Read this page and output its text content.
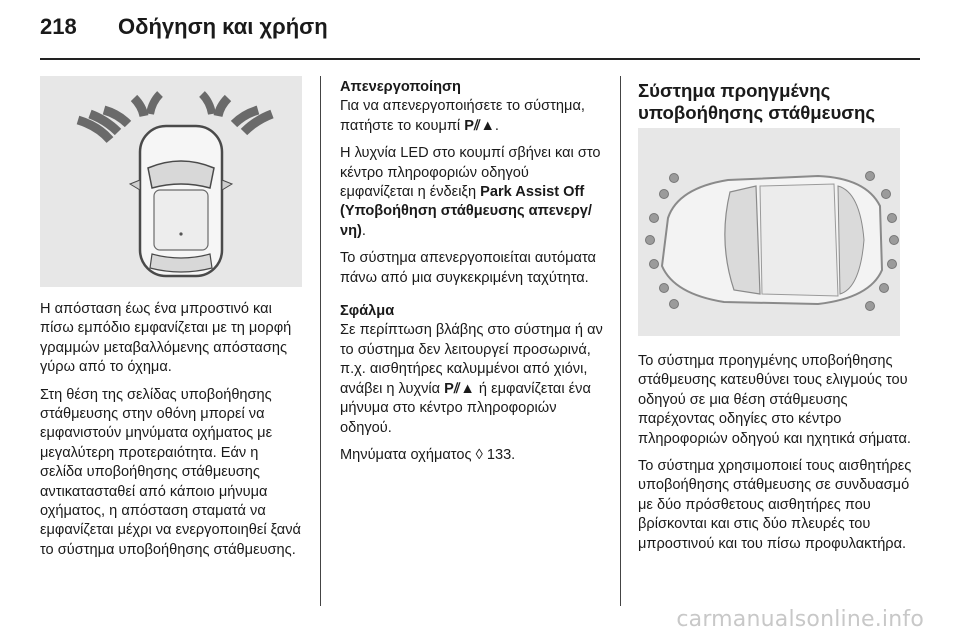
218 Οδήγηση και χρήση

Η απόσταση έως ένα μπροστινό και πίσω εμπόδιο εμφανίζεται με τη μορφή γραμμών μεταβαλλόμενης απόστασης γύρω από το όχημα.

Στη θέση της σελίδας υποβοήθησης στάθμευσης στην οθόνη μπορεί να εμφανιστούν μηνύματα οχήματος με μεγαλύτερη προτεραιότητα. Εάν η σελίδα υποβοήθησης στάθμευσης αντικατασταθεί από κάποιο μήνυμα οχήματος, η απόσταση σταματά να εμφανίζεται μέχρι να ενεργοποιηθεί ξανά το σύστημα υποβοήθησης στάθμευσης.

Απενεργοποίηση

Για να απενεργοποιήσετε το σύστημα, πατήστε το κουμπί P⫽▲.

Η λυχνία LED στο κουμπί σβήνει και στο κέντρο πληροφοριών οδηγού εμφανίζεται η ένδειξη Park Assist Off (Υποβοήθηση στάθμευσης απενεργ/νη).

Το σύστημα απενεργοποιείται αυτόματα πάνω από μια συγκεκριμένη ταχύτητα.

Σφάλμα

Σε περίπτωση βλάβης στο σύστημα ή αν το σύστημα δεν λειτουργεί προσωρινά, π.χ. αισθητήρες καλυμμένοι από χιόνι, ανάβει η λυχνία P⫽▲ ή εμφανίζεται ένα μήνυμα στο κέντρο πληροφοριών οδηγού.

Μηνύματα οχήματος ◊ 133.

Σύστημα προηγμένης υποβοήθησης στάθμευσης

Το σύστημα προηγμένης υποβοήθησης στάθμευσης κατευθύνει τους ελιγμούς του οδηγού σε μια θέση στάθμευσης παρέχοντας οδηγίες στο κέντρο πληροφοριών οδηγού και ηχητικά σήματα.

Το σύστημα χρησιμοποιεί τους αισθητήρες υποβοήθησης στάθμευσης σε συνδυασμό με δύο πρόσθετους αισθητήρες που βρίσκονται και στις δύο πλευρές του μπροστινού και του πίσω προφυλακτήρα.

carmanualsonline.info
